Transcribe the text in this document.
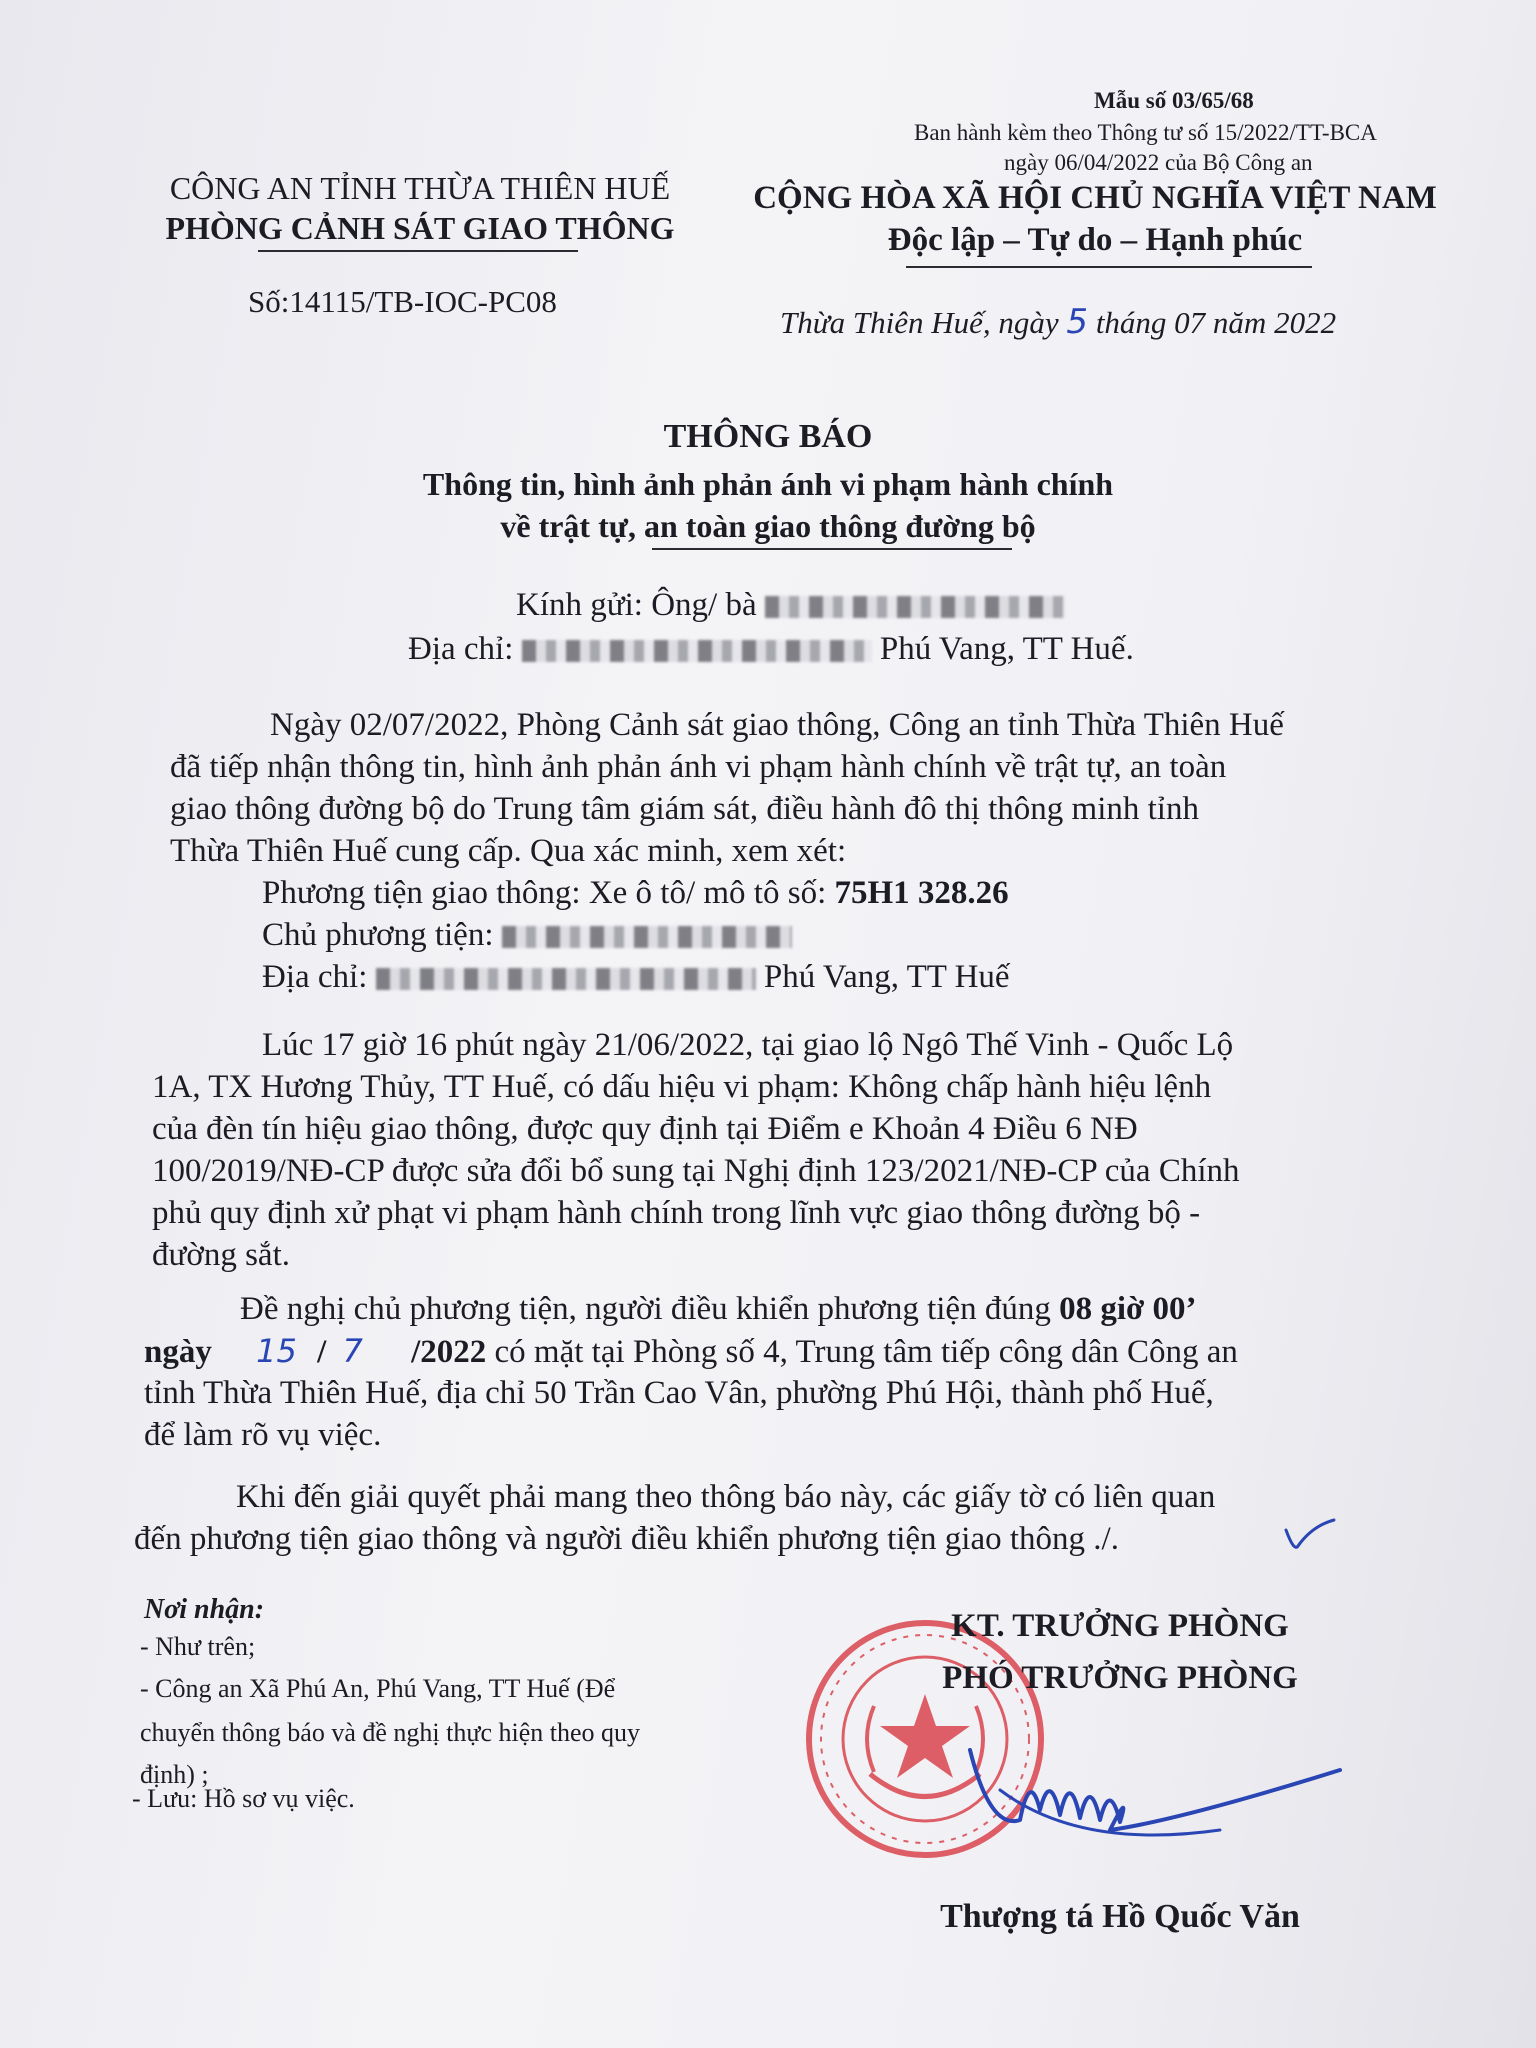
Mẫu số 03/65/68
Ban hành kèm theo Thông tư số 15/2022/TT-BCA
ngày 06/04/2022 của Bộ Công an
CÔNG AN TỈNH THỪA THIÊN HUẾ
PHÒNG CẢNH SÁT GIAO THÔNG
Số:14115/TB-IOC-PC08
CỘNG HÒA XÃ HỘI CHỦ NGHĨA VIỆT NAM
Độc lập – Tự do – Hạnh phúc
Thừa Thiên Huế, ngày 5 tháng 07 năm 2022
THÔNG BÁO
Thông tin, hình ảnh phản ánh vi phạm hành chính
về trật tự, an toàn giao thông đường bộ
Kính gửi: Ông/ bà
Địa chỉ:	Phú Vang, TT Huế.
Ngày 02/07/2022, Phòng Cảnh sát giao thông, Công an tỉnh Thừa Thiên Huế
đã tiếp nhận thông tin, hình ảnh phản ánh vi phạm hành chính về trật tự, an toàn
giao thông đường bộ do Trung tâm giám sát, điều hành đô thị thông minh tỉnh
Thừa Thiên Huế cung cấp. Qua xác minh, xem xét:
Phương tiện giao thông: Xe ô tô/ mô tô số: 75H1 328.26
Chủ phương tiện:
Địa chỉ:	Phú Vang, TT Huế
Lúc 17 giờ 16 phút ngày 21/06/2022, tại giao lộ Ngô Thế Vinh - Quốc Lộ
1A, TX Hương Thủy, TT Huế, có dấu hiệu vi phạm: Không chấp hành hiệu lệnh
của đèn tín hiệu giao thông, được quy định tại Điểm e Khoản 4 Điều 6 NĐ
100/2019/NĐ-CP được sửa đổi bổ sung tại Nghị định 123/2021/NĐ-CP của Chính
phủ quy định xử phạt vi phạm hành chính trong lĩnh vực giao thông đường bộ -
đường sắt.
Đề nghị chủ phương tiện, người điều khiển phương tiện đúng 08 giờ 00’
ngày 15 / 7 /2022 có mặt tại Phòng số 4, Trung tâm tiếp công dân Công an
tỉnh Thừa Thiên Huế, địa chỉ 50 Trần Cao Vân, phường Phú Hội, thành phố Huế,
để làm rõ vụ việc.
Khi đến giải quyết phải mang theo thông báo này, các giấy tờ có liên quan
đến phương tiện giao thông và người điều khiển phương tiện giao thông ./.
Nơi nhận:
- Như trên;
- Công an Xã Phú An, Phú Vang, TT Huế (Để
chuyển thông báo và đề nghị thực hiện theo quy
định) ;
- Lưu: Hồ sơ vụ việc.
KT. TRƯỞNG PHÒNG
PHÓ TRƯỞNG PHÒNG
Thượng tá Hồ Quốc Văn
